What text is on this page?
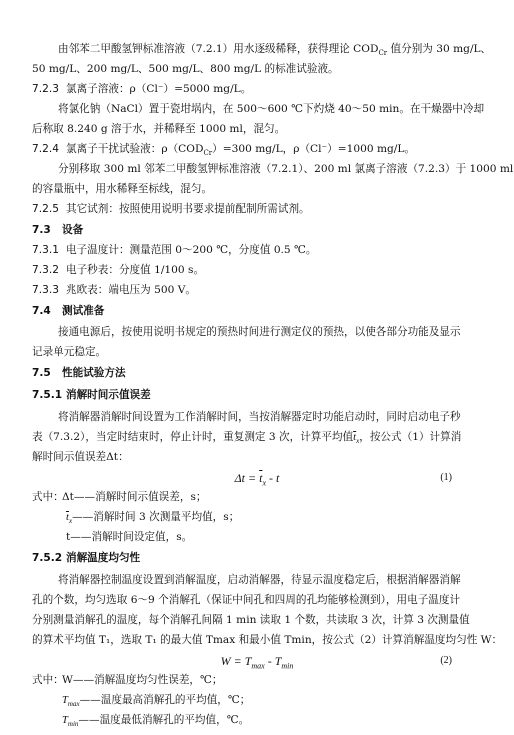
由邻苯二甲酸氢钾标准溶液（7.2.1）用水逐级稀释，获得理论 $COD_{Cr}$ 值分别为 30 mg/L、
50 mg/L、200 mg/L、500 mg/L、800 mg/L 的标准试验液。
7.2.3 氯离子溶液：ρ（Cl⁻）=5000 mg/L。
将氯化钠（NaCl）置于瓷坩埚内，在 500～600 ℃下灼烧 40～50 min。在干燥器中冷却
后称取 8.240 g 溶于水，并稀释至 1000 ml，混匀。
7.2.4 氯离子干扰试验液：$\rho(COD_{Cr})=300$ mg/L，ρ（Cl⁻）=1000 mg/L。
分别移取 300 ml 邻苯二甲酸氢钾标准溶液（7.2.1）、200 ml 氯离子溶液（7.2.3）于 1000 ml
的容量瓶中，用水稀释至标线，混匀。
7.2.5 其它试剂：按照使用说明书要求提前配制所需试剂。
7.3 设备
7.3.1 电子温度计：测量范围 0～200 ℃，分度值 0.5 ℃。
7.3.2 电子秒表：分度值 1/100 s。
7.3.3 兆欧表：端电压为 500 V。
7.4 测试准备
接通电源后，按使用说明书规定的预热时间进行测定仪的预热，以使各部分功能及显示
记录单元稳定。
7.5 性能试验方法
7.5.1 消解时间示值误差
将消解器消解时间设置为工作消解时间，当按消解器定时功能启动时，同时启动电子秒
表（7.3.2），当定时结束时，停止计时，重复测定 3 次，计算平均值$\overline{t}_x$，按公式（1）计算消
解时间示值误差Δt：
$\Delta t = \overline{t}_x - t$	(1)
式中：
Δt——消解时间示值误差，s；
$\overline{t}_x——$消解时间 3 次测量平均值，s；
t——消解时间设定值，s。
7.5.2 消解温度均匀性
将消解器控制温度设置到消解温度，启动消解器，待显示温度稳定后，根据消解器消解
孔的个数，均匀选取 6～9 个消解孔（保证中间孔和四周的孔均能够检测到），用电子温度计
分别测量消解孔的温度，每个消解孔间隔 1 min 读取 1 个数，共读取 3 次，计算 3 次测量值
的算术平均值 T₁，选取 T₁ 的最大值 Tmax 和最小值 Tmin，按公式（2）计算消解温度均匀性 W：
$W = T_{max} - T_{min}$	(2)
式中：
W——消解温度均匀性误差，℃；
$T_{max}——$温度最高消解孔的平均值，℃；
$T_{min}——$温度最低消解孔的平均值，℃。
